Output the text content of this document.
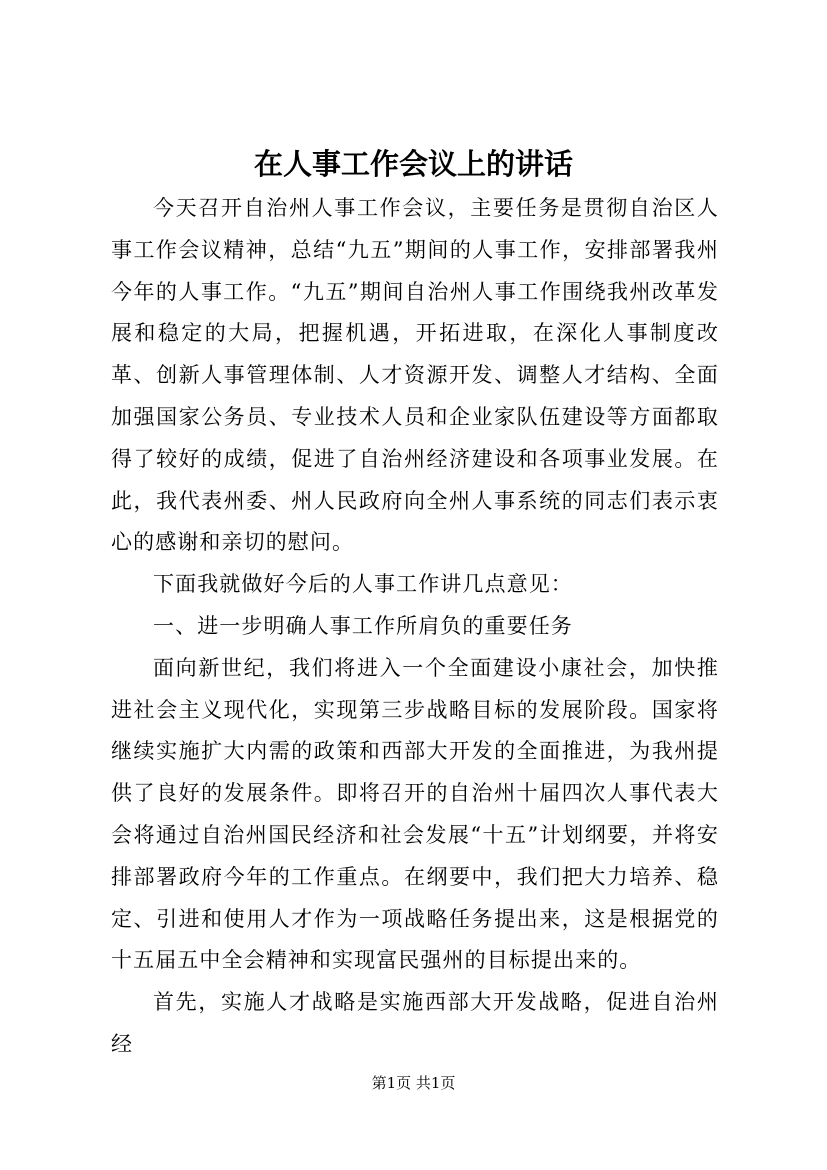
在人事工作会议上的讲话

今天召开自治州人事工作会议，主要任务是贯彻自治区人事工作会议精神，总结“九五”期间的人事工作，安排部署我州今年的人事工作。“九五”期间自治州人事工作围绕我州改革发展和稳定的大局，把握机遇，开拓进取，在深化人事制度改革、创新人事管理体制、人才资源开发、调整人才结构、全面加强国家公务员、专业技术人员和企业家队伍建设等方面都取得了较好的成绩，促进了自治州经济建设和各项事业发展。在此，我代表州委、州人民政府向全州人事系统的同志们表示衷心的感谢和亲切的慰问。

下面我就做好今后的人事工作讲几点意见：

一、进一步明确人事工作所肩负的重要任务

面向新世纪，我们将进入一个全面建设小康社会，加快推进社会主义现代化，实现第三步战略目标的发展阶段。国家将继续实施扩大内需的政策和西部大开发的全面推进，为我州提供了良好的发展条件。即将召开的自治州十届四次人事代表大会将通过自治州国民经济和社会发展“十五”计划纲要，并将安排部署政府今年的工作重点。在纲要中，我们把大力培养、稳定、引进和使用人才作为一项战略任务提出来，这是根据党的十五届五中全会精神和实现富民强州的目标提出来的。

首先，实施人才战略是实施西部大开发战略，促进自治州经

第1页 共1页
